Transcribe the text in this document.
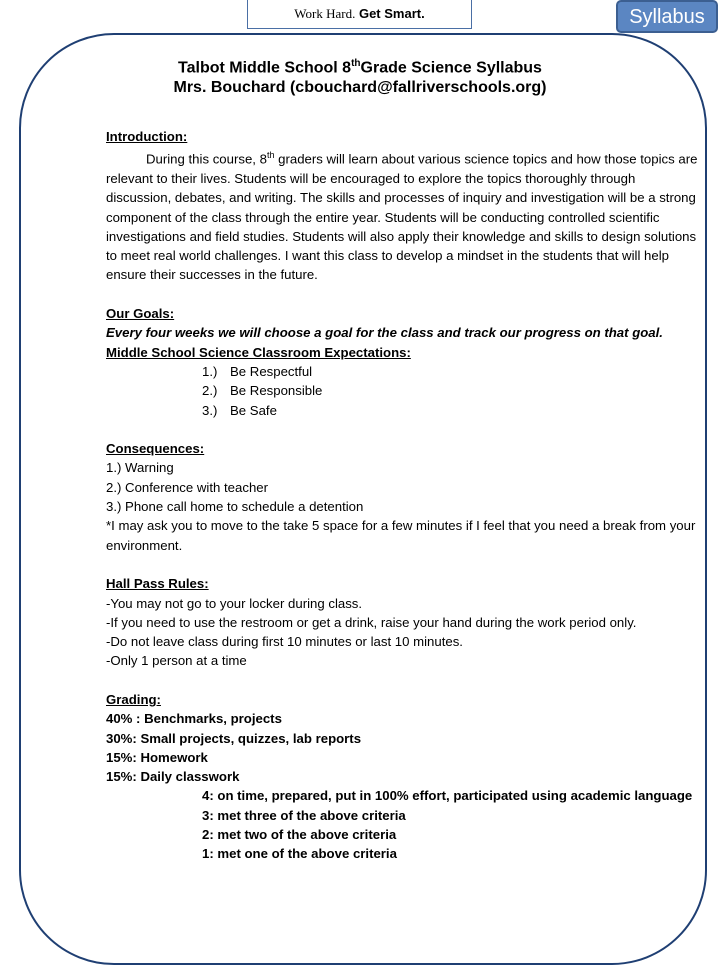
Work Hard. Get Smart.	Syllabus
Talbot Middle School 8thGrade Science Syllabus
Mrs. Bouchard (cbouchard@fallriverschools.org)

Introduction:

During this course, 8th graders will learn about various science topics and how those topics are relevant to their lives. Students will be encouraged to explore the topics thoroughly through discussion, debates, and writing. The skills and processes of inquiry and investigation will be a strong component of the class through the entire year. Students will be conducting controlled scientific investigations and field studies. Students will also apply their knowledge and skills to design solutions to meet real world challenges. I want this class to develop a mindset in the students that will help ensure their successes in the future.

Our Goals:

Every four weeks we will choose a goal for the class and track our progress on that goal.

Middle School Science Classroom Expectations:

1.) Be Respectful

2.) Be Responsible

3.) Be Safe

Consequences:

1.) Warning

2.) Conference with teacher

3.) Phone call home to schedule a detention

*I may ask you to move to the take 5 space for a few minutes if I feel that you need a break from your environment.

Hall Pass Rules:

-You may not go to your locker during class.

-If you need to use the restroom or get a drink, raise your hand during the work period only.

-Do not leave class during first 10 minutes or last 10 minutes.

-Only 1 person at a time

Grading:

40% : Benchmarks, projects

30%: Small projects, quizzes, lab reports

15%: Homework

15%: Daily classwork

4: on time, prepared, put in 100% effort, participated using academic language

3: met three of the above criteria

2: met two of the above criteria

1: met one of the above criteria
